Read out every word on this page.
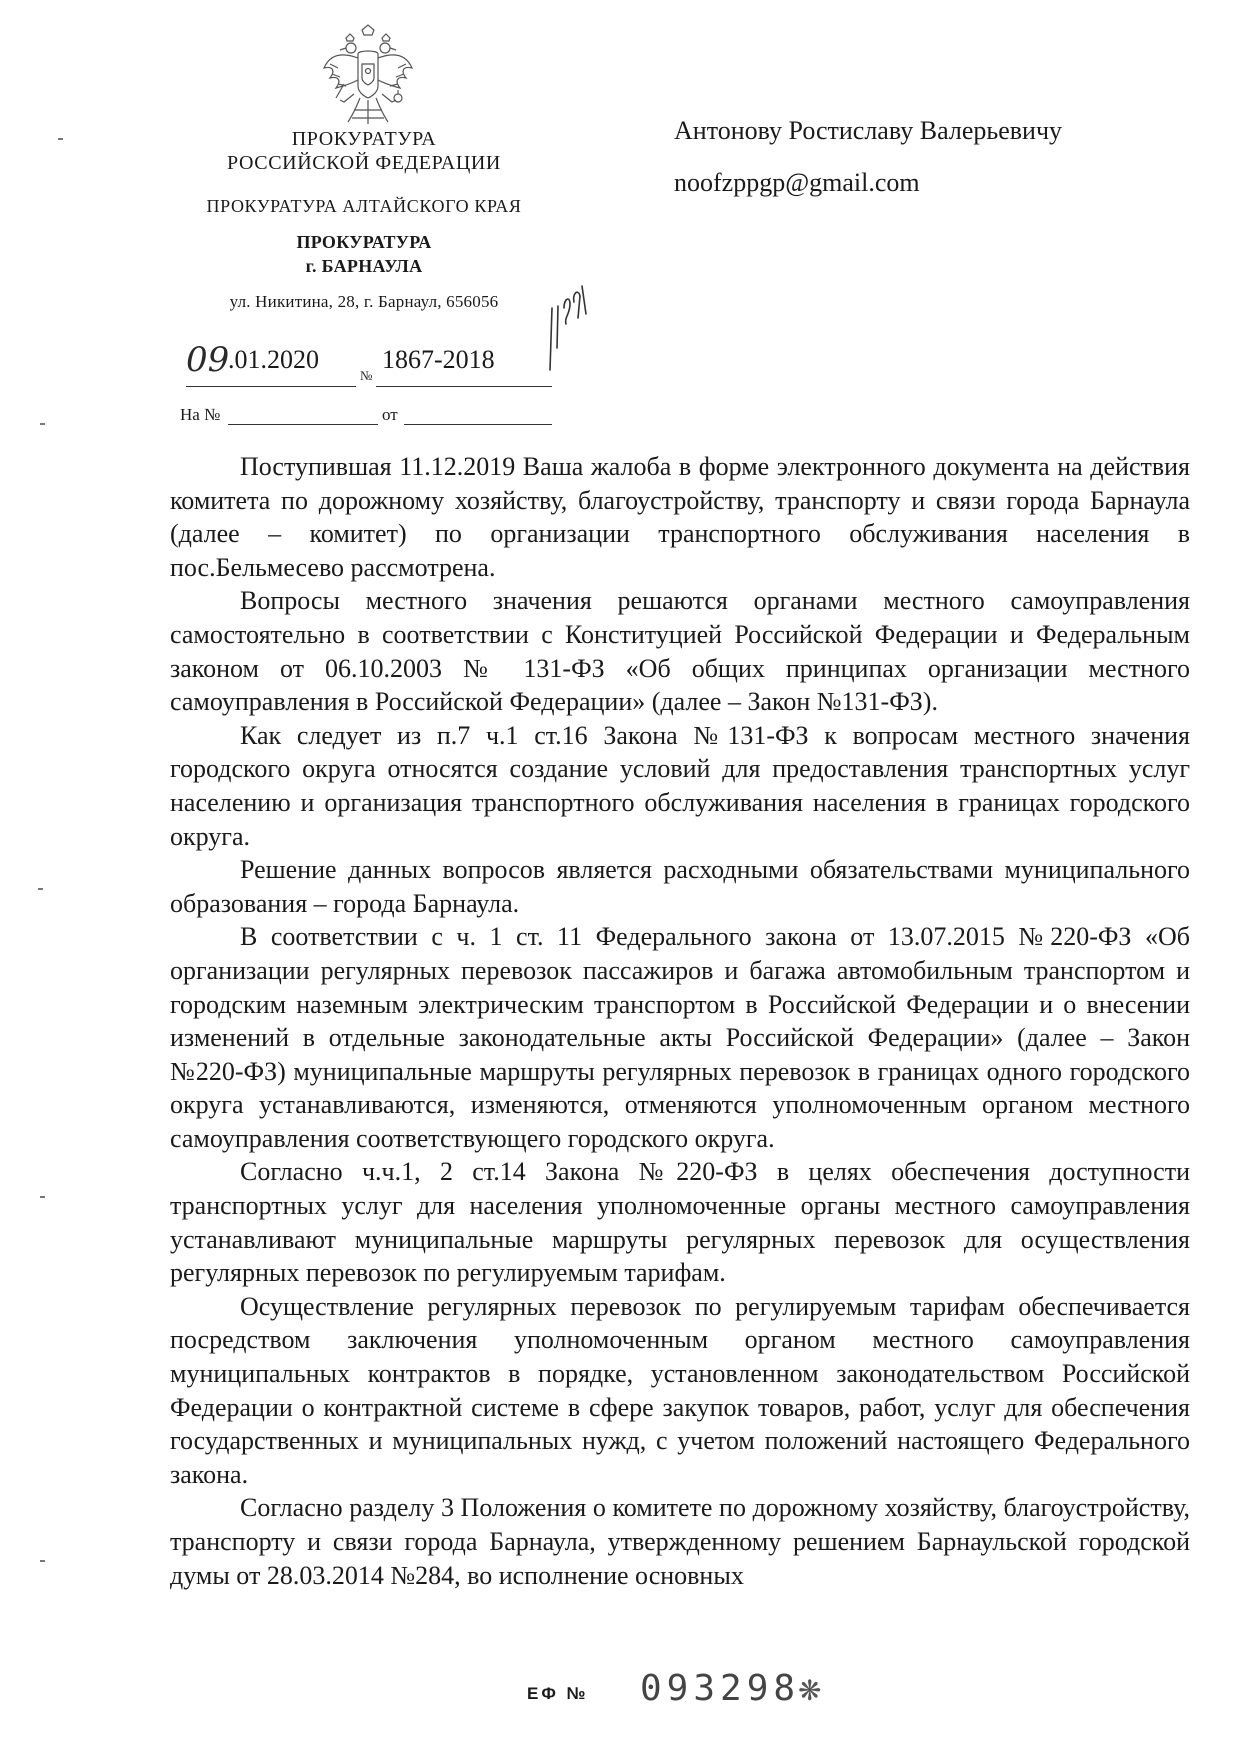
ПРОКУРАТУРА
РОССИЙСКОЙ ФЕДЕРАЦИИ
ПРОКУРАТУРА АЛТАЙСКОГО КРАЯ
ПРОКУРАТУРА
г. БАРНАУЛА
ул. Никитина, 28, г. Барнаул, 656056
09
.01.2020
№
1867-2018
На №	от
Антонову Ростиславу Валерьевичу
noofzppgp@gmail.com

Поступившая 11.12.2019 Ваша жалоба в форме электронного документа на действия комитета по дорожному хозяйству, благоустройству, транспорту и связи города Барнаула (далее – комитет) по организации транспортного обслуживания населения в пос.Бельмесево рассмотрена.

Вопросы местного значения решаются органами местного самоуправления самостоятельно в соответствии с Конституцией Российской Федерации и Федеральным законом от 06.10.2003 № 131-ФЗ «Об общих принципах организации местного самоуправления в Российской Федерации» (далее – Закон №131-ФЗ).

Как следует из п.7 ч.1 ст.16 Закона №131-ФЗ к вопросам местного значения городского округа относятся создание условий для предоставления транспортных услуг населению и организация транспортного обслуживания населения в границах городского округа.

Решение данных вопросов является расходными обязательствами муниципального образования – города Барнаула.

В соответствии с ч. 1 ст. 11 Федерального закона от 13.07.2015 №220-ФЗ «Об организации регулярных перевозок пассажиров и багажа автомобильным транспортом и городским наземным электрическим транспортом в Российской Федерации и о внесении изменений в отдельные законодательные акты Российской Федерации» (далее – Закон №220-ФЗ) муниципальные маршруты регулярных перевозок в границах одного городского округа устанавливаются, изменяются, отменяются уполномоченным органом местного самоуправления соответствующего городского округа.

Согласно ч.ч.1, 2 ст.14 Закона №220-ФЗ в целях обеспечения доступности транспортных услуг для населения уполномоченные органы местного самоуправления устанавливают муниципальные маршруты регулярных перевозок для осуществления регулярных перевозок по регулируемым тарифам.

Осуществление регулярных перевозок по регулируемым тарифам обеспечивается посредством заключения уполномоченным органом местного самоуправления муниципальных контрактов в порядке, установленном законодательством Российской Федерации о контрактной системе в сфере закупок товаров, работ, услуг для обеспечения государственных и муниципальных нужд, с учетом положений настоящего Федерального закона.

Согласно разделу 3 Положения о комитете по дорожному хозяйству, благоустройству, транспорту и связи города Барнаула, утвержденному решением Барнаульской городской думы от 28.03.2014 №284, во исполнение основных

ЕФ № 093298
❋
